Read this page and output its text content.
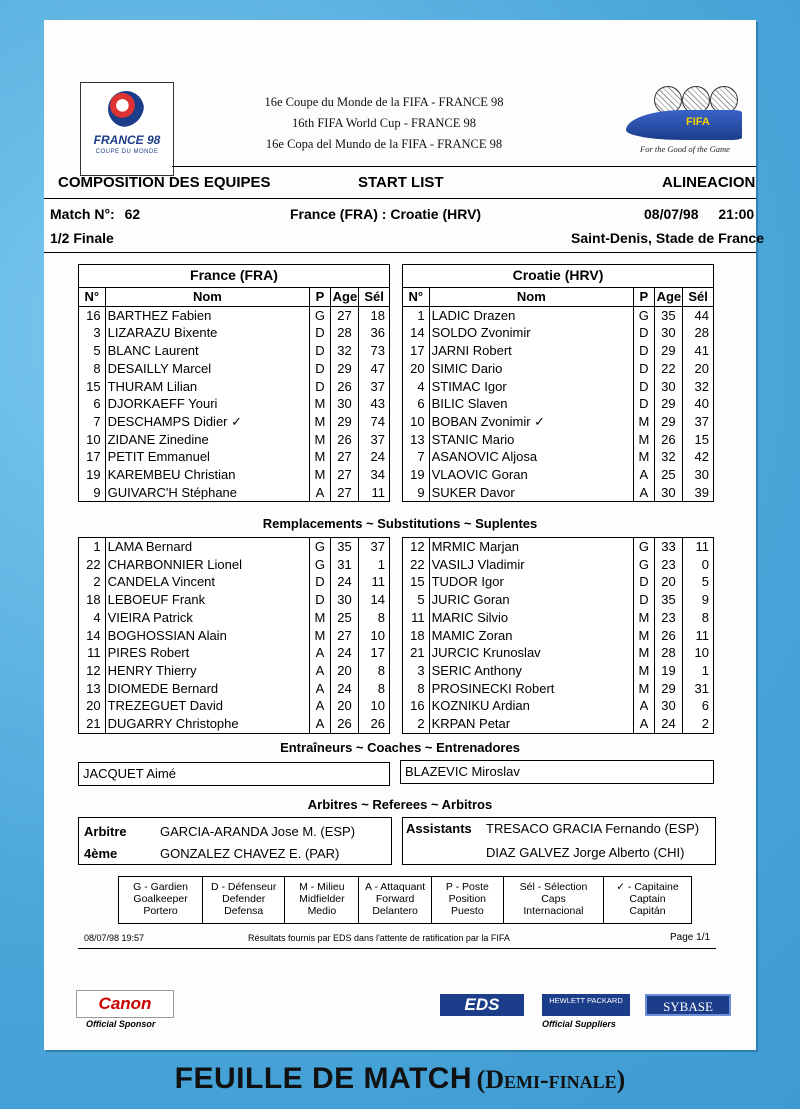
FRANCE 98
COUPE DU MONDE
16e Coupe du Monde de la FIFA - FRANCE 98
16th FIFA World Cup - FRANCE 98
16e Copa del Mundo de la FIFA - FRANCE 98
FIFA
For the Good of the Game
COMPOSITION DES EQUIPES	START LIST	ALINEACION
Match N°: 62	France (FRA) : Croatie (HRV)	08/07/98 21:00
1/2 Finale	Saint-Denis, Stade de France
France (FRA)				
N°	Nom	P	Age	Sél
16	BARTHEZ Fabien	G	27	18
3	LIZARAZU Bixente	D	28	36
5	BLANC Laurent	D	32	73
8	DESAILLY Marcel	D	29	47
15	THURAM Lilian	D	26	37
6	DJORKAEFF Youri	M	30	43
7	DESCHAMPS Didier ✓	M	29	74
10	ZIDANE Zinedine	M	26	37
17	PETIT Emmanuel	M	27	24
19	KAREMBEU Christian	M	27	34
9	GUIVARC'H Stéphane	A	27	11
Croatie (HRV)				
N°	Nom	P	Age	Sél
1	LADIC Drazen	G	35	44
14	SOLDO Zvonimir	D	30	28
17	JARNI Robert	D	29	41
20	SIMIC Dario	D	22	20
4	STIMAC Igor	D	30	32
6	BILIC Slaven	D	29	40
10	BOBAN Zvonimir ✓	M	29	37
13	STANIC Mario	M	26	15
7	ASANOVIC Aljosa	M	32	42
19	VLAOVIC Goran	A	25	30
9	SUKER Davor	A	30	39
Remplacements ~ Substitutions ~ Suplentes
1	LAMA Bernard	G	35	37
22	CHARBONNIER Lionel	G	31	1
2	CANDELA Vincent	D	24	11
18	LEBOEUF Frank	D	30	14
4	VIEIRA Patrick	M	25	8
14	BOGHOSSIAN Alain	M	27	10
11	PIRES Robert	A	24	17
12	HENRY Thierry	A	20	8
13	DIOMEDE Bernard	A	24	8
20	TREZEGUET David	A	20	10
21	DUGARRY Christophe	A	26	26
12	MRMIC Marjan	G	33	11
22	VASILJ Vladimir	G	23	0
15	TUDOR Igor	D	20	5
5	JURIC Goran	D	35	9
11	MARIC Silvio	M	23	8
18	MAMIC Zoran	M	26	11
21	JURCIC Krunoslav	M	28	10
3	SERIC Anthony	M	19	1
8	PROSINECKI Robert	M	29	31
16	KOZNIKU Ardian	A	30	6
2	KRPAN Petar	A	24	2
Entraîneurs ~ Coaches ~ Entrenadores
JACQUET Aimé	BLAZEVIC Miroslav
Arbitres ~ Referees ~ Arbitros
Arbitre	GARCIA-ARANDA Jose M. (ESP)
4ème	GONZALEZ CHAVEZ E. (PAR)
Assistants TRESACO GRACIA Fernando (ESP)
DIAZ GALVEZ Jorge Alberto (CHI)
G - Gardien
Goalkeeper
Portero
D - Défenseur
Defender
Defensa
M - Milieu
Midfielder
Medio
A - Attaquant
Forward
Delantero
P - Poste
Position
Puesto
Sél - Sélection
Caps
Internacional
✓ - Capitaine
Captain
Capitán
08/07/98 19:57	Résultats fournis par EDS dans l'attente de ratification par la FIFA	Page 1/1
Canon
Official Sponsor
EDS	HEWLETT PACKARD	SYBASE
Official Suppliers
FEUILLE DE MATCH (Demi-finale)
